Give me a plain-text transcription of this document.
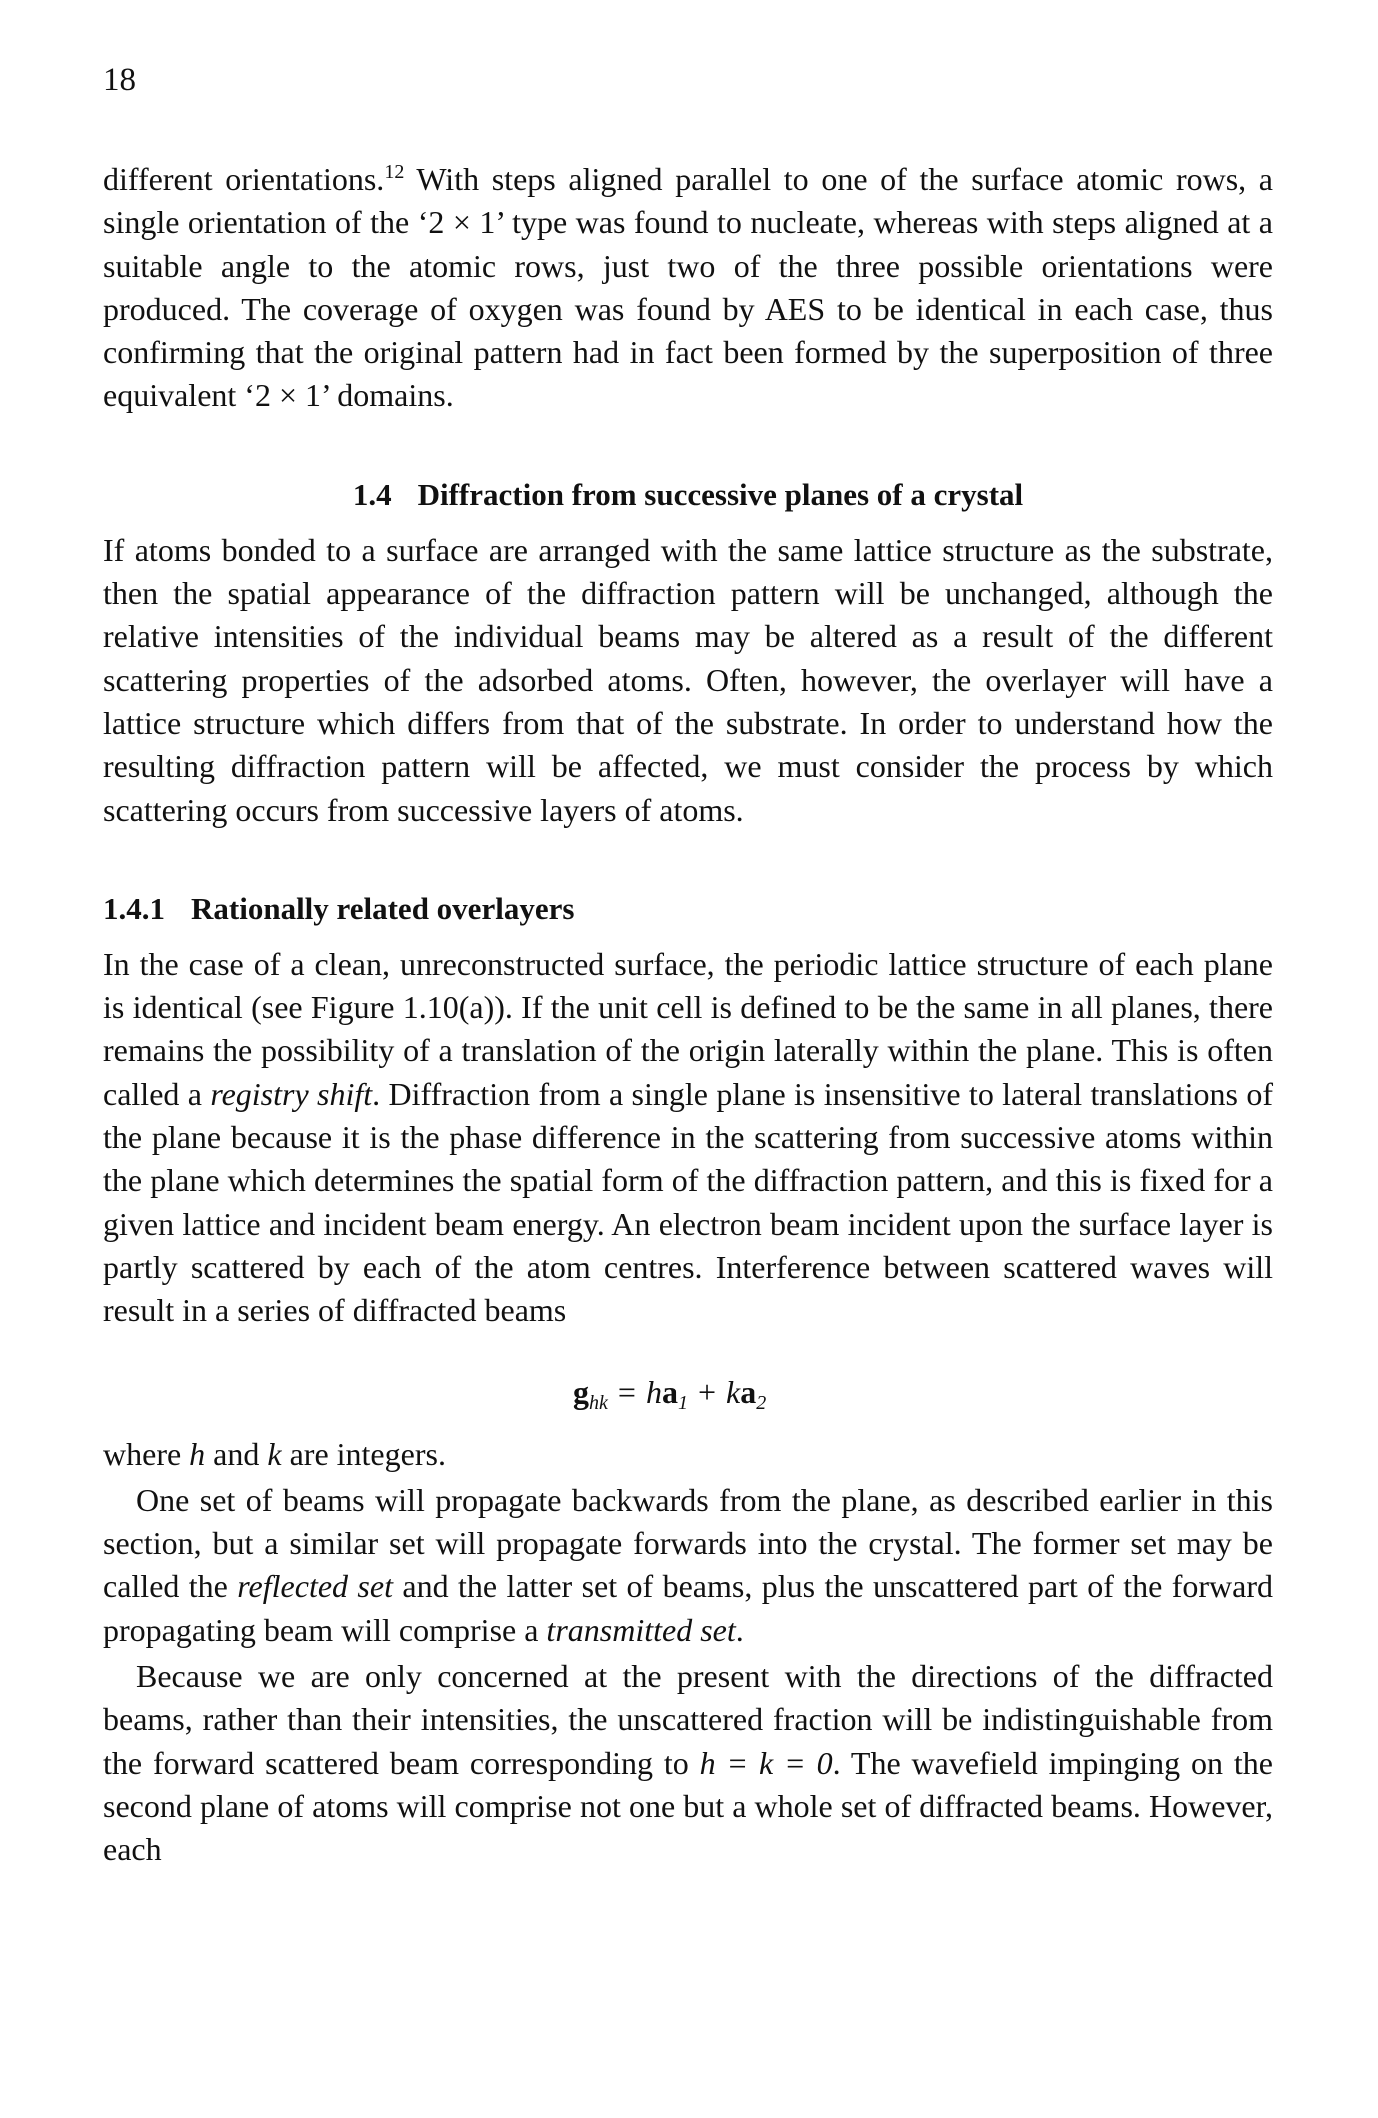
18

different orientations.$^{12}$ With steps aligned parallel to one of the surface atomic rows, a single orientation of the ‘2 × 1’ type was found to nucleate, whereas with steps aligned at a suitable angle to the atomic rows, just two of the three possible orientations were produced. The coverage of oxygen was found by AES to be identical in each case, thus confirming that the original pattern had in fact been formed by the superposition of three equivalent ‘2 × 1’ domains.

1.4 Diffraction from successive planes of a crystal

If atoms bonded to a surface are arranged with the same lattice structure as the substrate, then the spatial appearance of the diffraction pattern will be unchanged, although the relative intensities of the individual beams may be altered as a result of the different scattering properties of the adsorbed atoms. Often, however, the overlayer will have a lattice structure which differs from that of the substrate. In order to understand how the resulting diffraction pattern will be affected, we must consider the process by which scattering occurs from successive layers of atoms.

1.4.1 Rationally related overlayers

In the case of a clean, unreconstructed surface, the periodic lattice structure of each plane is identical (see Figure 1.10(a)). If the unit cell is defined to be the same in all planes, there remains the possibility of a translation of the origin laterally within the plane. This is often called a registry shift. Diffraction from a single plane is insensitive to lateral translations of the plane because it is the phase difference in the scattering from successive atoms within the plane which determines the spatial form of the diffraction pattern, and this is fixed for a given lattice and incident beam energy. An electron beam incident upon the surface layer is partly scattered by each of the atom centres. Interference between scattered waves will result in a series of diffracted beams

$g_{hk} = ha_1 + ka_2$

where h and k are integers.

One set of beams will propagate backwards from the plane, as described earlier in this section, but a similar set will propagate forwards into the crystal. The former set may be called the reflected set and the latter set of beams, plus the unscattered part of the forward propagating beam will comprise a transmitted set.

Because we are only concerned at the present with the directions of the diffracted beams, rather than their intensities, the unscattered fraction will be indistinguishable from the forward scattered beam corresponding to h = k = 0. The wavefield impinging on the second plane of atoms will comprise not one but a whole set of diffracted beams. However, each
